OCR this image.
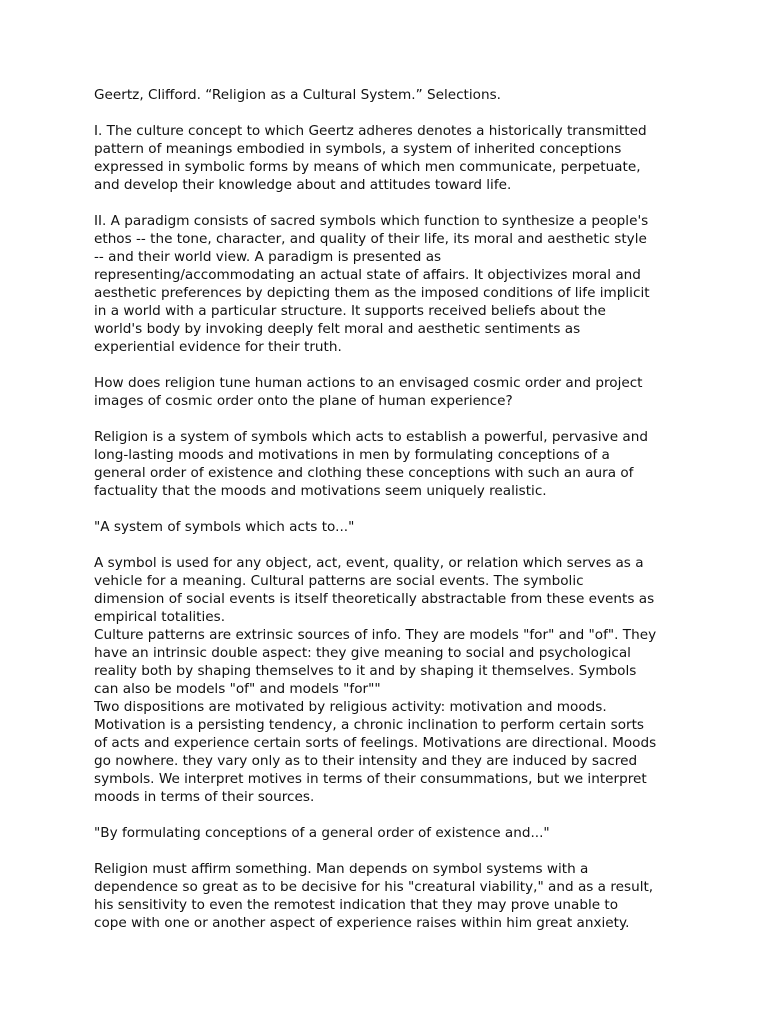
Geertz, Clifford. “Religion as a Cultural System.” Selections.

I. The culture concept to which Geertz adheres denotes a historically transmitted
pattern of meanings embodied in symbols, a system of inherited conceptions
expressed in symbolic forms by means of which men communicate, perpetuate,
and develop their knowledge about and attitudes toward life.

II. A paradigm consists of sacred symbols which function to synthesize a people's
ethos -- the tone, character, and quality of their life, its moral and aesthetic style
-- and their world view. A paradigm is presented as
representing/accommodating an actual state of affairs. It objectivizes moral and
aesthetic preferences by depicting them as the imposed conditions of life implicit
in a world with a particular structure. It supports received beliefs about the
world's body by invoking deeply felt moral and aesthetic sentiments as
experiential evidence for their truth.

How does religion tune human actions to an envisaged cosmic order and project
images of cosmic order onto the plane of human experience?

Religion is a system of symbols which acts to establish a powerful, pervasive and
long-lasting moods and motivations in men by formulating conceptions of a
general order of existence and clothing these conceptions with such an aura of
factuality that the moods and motivations seem uniquely realistic.

"A system of symbols which acts to..."

A symbol is used for any object, act, event, quality, or relation which serves as a
vehicle for a meaning. Cultural patterns are social events. The symbolic
dimension of social events is itself theoretically abstractable from these events as
empirical totalities.
Culture patterns are extrinsic sources of info. They are models "for" and "of". They
have an intrinsic double aspect: they give meaning to social and psychological
reality both by shaping themselves to it and by shaping it themselves. Symbols
can also be models "of" and models "for""
Two dispositions are motivated by religious activity: motivation and moods.
Motivation is a persisting tendency, a chronic inclination to perform certain sorts
of acts and experience certain sorts of feelings. Motivations are directional. Moods
go nowhere. they vary only as to their intensity and they are induced by sacred
symbols. We interpret motives in terms of their consummations, but we interpret
moods in terms of their sources.

"By formulating conceptions of a general order of existence and..."

Religion must affirm something. Man depends on symbol systems with a
dependence so great as to be decisive for his "creatural viability," and as a result,
his sensitivity to even the remotest indication that they may prove unable to
cope with one or another aspect of experience raises within him great anxiety.
